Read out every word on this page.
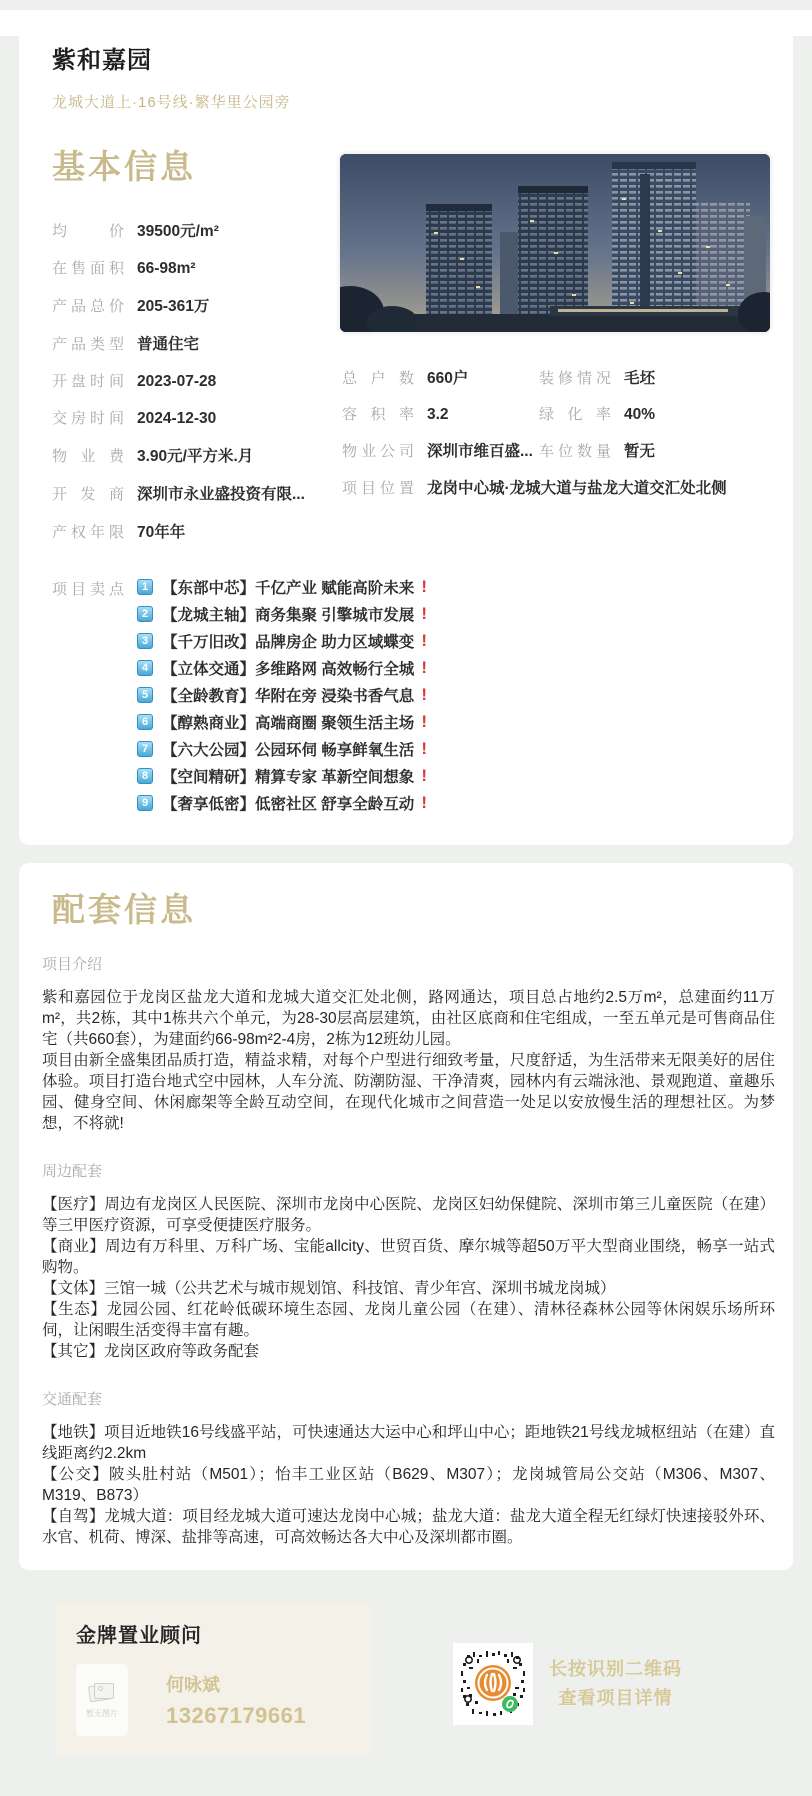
紫和嘉园
龙城大道上·16号线·繁华里公园旁
基本信息
均价 39500元/m²
在售面积 66-98m²
产品总价 205-361万
产品类型 普通住宅
开盘时间 2023-07-28
交房时间 2024-12-30
物业费 3.90元/平方米.月
开发商 深圳市永业盛投资有限...
产权年限 70年年
总户数 660户	装修情况 毛坯
容积率 3.2	绿化率 40%
物业公司 深圳市维百盛... 车位数量 暂无
项目位置 龙岗中心城·龙城大道与盐龙大道交汇处北侧
项目卖点	1 【东部中芯】千亿产业 赋能高阶未来 !
2 【龙城主轴】商务集聚 引擎城市发展 !
3 【千万旧改】品牌房企 助力区域蝶变 !
4 【立体交通】多维路网 高效畅行全城 !
5 【全龄教育】华附在旁 浸染书香气息 !
6 【醇熟商业】高端商圈 聚领生活主场 !
7 【六大公园】公园环伺 畅享鲜氧生活 !
8 【空间精研】精算专家 革新空间想象 !
9 【奢享低密】低密社区 舒享全龄互动 !
配套信息
项目介绍

紫和嘉园位于龙岗区盐龙大道和龙城大道交汇处北侧，路网通达，项目总占地约2.5万m²，总建面约11万m²，共2栋，其中1栋共六个单元，为28-30层高层建筑，由社区底商和住宅组成，一至五单元是可售商品住宅（共660套），为建面约66-98m²2-4房，2栋为12班幼儿园。

项目由新全盛集团品质打造，精益求精，对每个户型进行细致考量，尺度舒适，为生活带来无限美好的居住体验。项目打造台地式空中园林，人车分流、防潮防湿、干净清爽，园林内有云端泳池、景观跑道、童趣乐园、健身空间、休闲廊架等全龄互动空间，在现代化城市之间营造一处足以安放慢生活的理想社区。为梦想，不将就!

周边配套

【医疗】周边有龙岗区人民医院、深圳市龙岗中心医院、龙岗区妇幼保健院、深圳市第三儿童医院（在建）等三甲医疗资源，可享受便捷医疗服务。

【商业】周边有万科里、万科广场、宝能allcity、世贸百货、摩尔城等超50万平大型商业围绕，畅享一站式购物。

【文体】三馆一城（公共艺术与城市规划馆、科技馆、青少年宫、深圳书城龙岗城）

【生态】龙园公园、红花岭低碳环境生态园、龙岗儿童公园（在建）、清林径森林公园等休闲娱乐场所环伺，让闲暇生活变得丰富有趣。

【其它】龙岗区政府等政务配套

交通配套

【地铁】项目近地铁16号线盛平站，可快速通达大运中心和坪山中心；距地铁21号线龙城枢纽站（在建）直线距离约2.2km

【公交】陂头肚村站（M501）；怡丰工业区站（B629、M307）；龙岗城管局公交站（M306、M307、M319、B873）

【自驾】龙城大道：项目经龙城大道可速达龙岗中心城；盐龙大道：盐龙大道全程无红绿灯快速接驳外环、水官、机荷、博深、盐排等高速，可高效畅达各大中心及深圳都市圈。

金牌置业顾问
暂无图片
何咏斌
13267179661
长按识别二维码
查看项目详情
